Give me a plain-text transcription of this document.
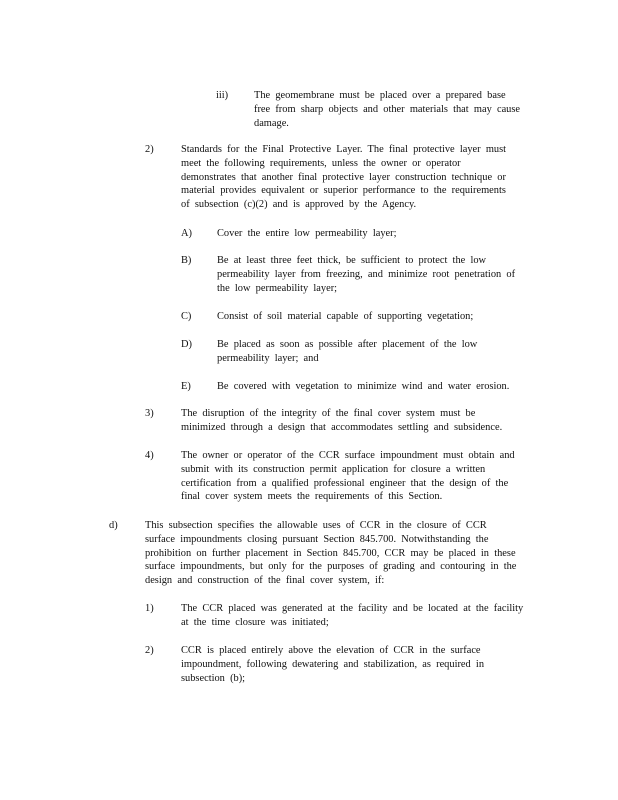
iii) The geomembrane must be placed over a prepared base
free from sharp objects and other materials that may cause
damage.
2)	Standards for the Final Protective Layer. The final protective layer must
meet the following requirements, unless the owner or operator
demonstrates that another final protective layer construction technique or
material provides equivalent or superior performance to the requirements
of subsection (c)(2) and is approved by the Agency.
A) Cover the entire low permeability layer;
B) Be at least three feet thick, be sufficient to protect the low
permeability layer from freezing, and minimize root penetration of
the low permeability layer;
C) Consist of soil material capable of supporting vegetation;
D) Be placed as soon as possible after placement of the low
permeability layer; and
E)	Be covered with vegetation to minimize wind and water erosion.
3)	The disruption of the integrity of the final cover system must be
minimized through a design that accommodates settling and subsidence.
4)	The owner or operator of the CCR surface impoundment must obtain and
submit with its construction permit application for closure a written
certification from a qualified professional engineer that the design of the
final cover system meets the requirements of this Section.
d)	This subsection specifies the allowable uses of CCR in the closure of CCR
surface impoundments closing pursuant Section 845.700. Notwithstanding the
prohibition on further placement in Section 845.700, CCR may be placed in these
surface impoundments, but only for the purposes of grading and contouring in the
design and construction of the final cover system, if:
1)	The CCR placed was generated at the facility and be located at the facility
at the time closure was initiated;
2)	CCR is placed entirely above the elevation of CCR in the surface
impoundment, following dewatering and stabilization, as required in
subsection (b);
